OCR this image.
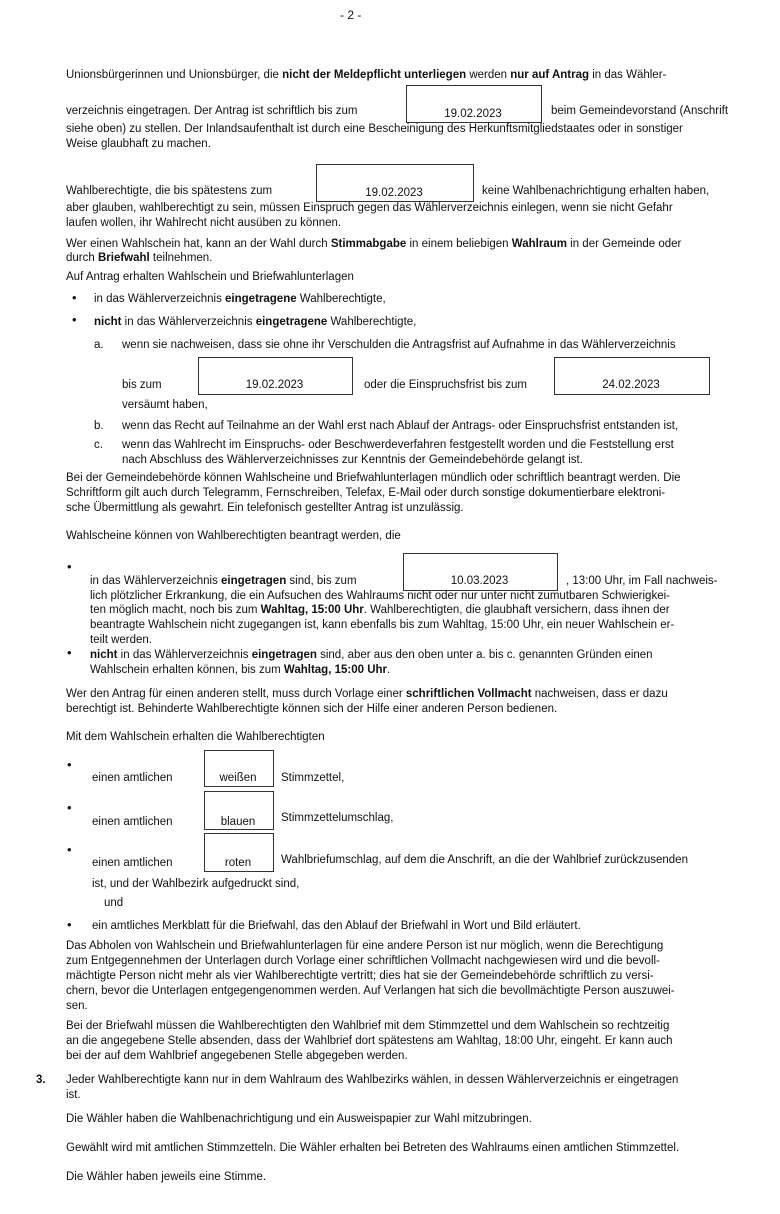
- 2 -
Unionsbürgerinnen und Unionsbürger, die nicht der Meldepflicht unterliegen werden nur auf Antrag in das Wähler-
verzeichnis eingetragen. Der Antrag ist schriftlich bis zum	19.02.2023	beim Gemeindevorstand (Anschrift
siehe oben) zu stellen. Der Inlandsaufenthalt ist durch eine Bescheinigung des Herkunftsmitgliedstaates oder in sonstiger
Weise glaubhaft zu machen.
Wahlberechtigte, die bis spätestens zum	19.02.2023	keine Wahlbenachrichtigung erhalten haben,
aber glauben, wahlberechtigt zu sein, müssen Einspruch gegen das Wählerverzeichnis einlegen, wenn sie nicht Gefahr
laufen wollen, ihr Wahlrecht nicht ausüben zu können.
Wer einen Wahlschein hat, kann an der Wahl durch Stimmabgabe in einem beliebigen Wahlraum in der Gemeinde oder
durch Briefwahl teilnehmen.
Auf Antrag erhalten Wahlschein und Briefwahlunterlagen
• in das Wählerverzeichnis eingetragene Wahlberechtigte,
• nicht in das Wählerverzeichnis eingetragene Wahlberechtigte,
a. wenn sie nachweisen, dass sie ohne ihr Verschulden die Antragsfrist auf Aufnahme in das Wählerverzeichnis
bis zum	19.02.2023	oder die Einspruchsfrist bis zum	24.02.2023
versäumt haben,
b. wenn das Recht auf Teilnahme an der Wahl erst nach Ablauf der Antrags- oder Einspruchsfrist entstanden ist,
c. wenn das Wahlrecht im Einspruchs- oder Beschwerdeverfahren festgestellt worden und die Feststellung erst
nach Abschluss des Wählerverzeichnisses zur Kenntnis der Gemeindebehörde gelangt ist.
Bei der Gemeindebehörde können Wahlscheine und Briefwahlunterlagen mündlich oder schriftlich beantragt werden. Die
Schriftform gilt auch durch Telegramm, Fernschreiben, Telefax, E-Mail oder durch sonstige dokumentierbare elektroni-
sche Übermittlung als gewahrt. Ein telefonisch gestellter Antrag ist unzulässig.
Wahlscheine können von Wahlberechtigten beantragt werden, die
•
in das Wählerverzeichnis eingetragen sind, bis zum	10.03.2023	, 13:00 Uhr, im Fall nachweis-
lich plötzlicher Erkrankung, die ein Aufsuchen des Wahlraums nicht oder nur unter nicht zumutbaren Schwierigkei-
ten möglich macht, noch bis zum Wahltag, 15:00 Uhr. Wahlberechtigten, die glaubhaft versichern, dass ihnen der
beantragte Wahlschein nicht zugegangen ist, kann ebenfalls bis zum Wahltag, 15:00 Uhr, ein neuer Wahlschein er-
teilt werden.
• nicht in das Wählerverzeichnis eingetragen sind, aber aus den oben unter a. bis c. genannten Gründen einen
Wahlschein erhalten können, bis zum Wahltag, 15:00 Uhr.
Wer den Antrag für einen anderen stellt, muss durch Vorlage einer schriftlichen Vollmacht nachweisen, dass er dazu
berechtigt ist. Behinderte Wahlberechtigte können sich der Hilfe einer anderen Person bedienen.
Mit dem Wahlschein erhalten die Wahlberechtigten
•
einen amtlichen	weißen	Stimmzettel,
•
einen amtlichen	blauen	Stimmzettelumschlag,
•
einen amtlichen	roten	Wahlbriefumschlag, auf dem die Anschrift, an die der Wahlbrief zurückzusenden
ist, und der Wahlbezirk aufgedruckt sind,
und
• ein amtliches Merkblatt für die Briefwahl, das den Ablauf der Briefwahl in Wort und Bild erläutert.
Das Abholen von Wahlschein und Briefwahlunterlagen für eine andere Person ist nur möglich, wenn die Berechtigung
zum Entgegennehmen der Unterlagen durch Vorlage einer schriftlichen Vollmacht nachgewiesen wird und die bevoll-
mächtigte Person nicht mehr als vier Wahlberechtigte vertritt; dies hat sie der Gemeindebehörde schriftlich zu versi-
chern, bevor die Unterlagen entgegengenommen werden. Auf Verlangen hat sich die bevollmächtigte Person auszuwei-
sen.
Bei der Briefwahl müssen die Wahlberechtigten den Wahlbrief mit dem Stimmzettel und dem Wahlschein so rechtzeitig
an die angegebene Stelle absenden, dass der Wahlbrief dort spätestens am Wahltag, 18:00 Uhr, eingeht. Er kann auch
bei der auf dem Wahlbrief angegebenen Stelle abgegeben werden.
3. Jeder Wahlberechtigte kann nur in dem Wahlraum des Wahlbezirks wählen, in dessen Wählerverzeichnis er eingetragen
ist.
Die Wähler haben die Wahlbenachrichtigung und ein Ausweispapier zur Wahl mitzubringen.
Gewählt wird mit amtlichen Stimmzetteln. Die Wähler erhalten bei Betreten des Wahlraums einen amtlichen Stimmzettel.
Die Wähler haben jeweils eine Stimme.
